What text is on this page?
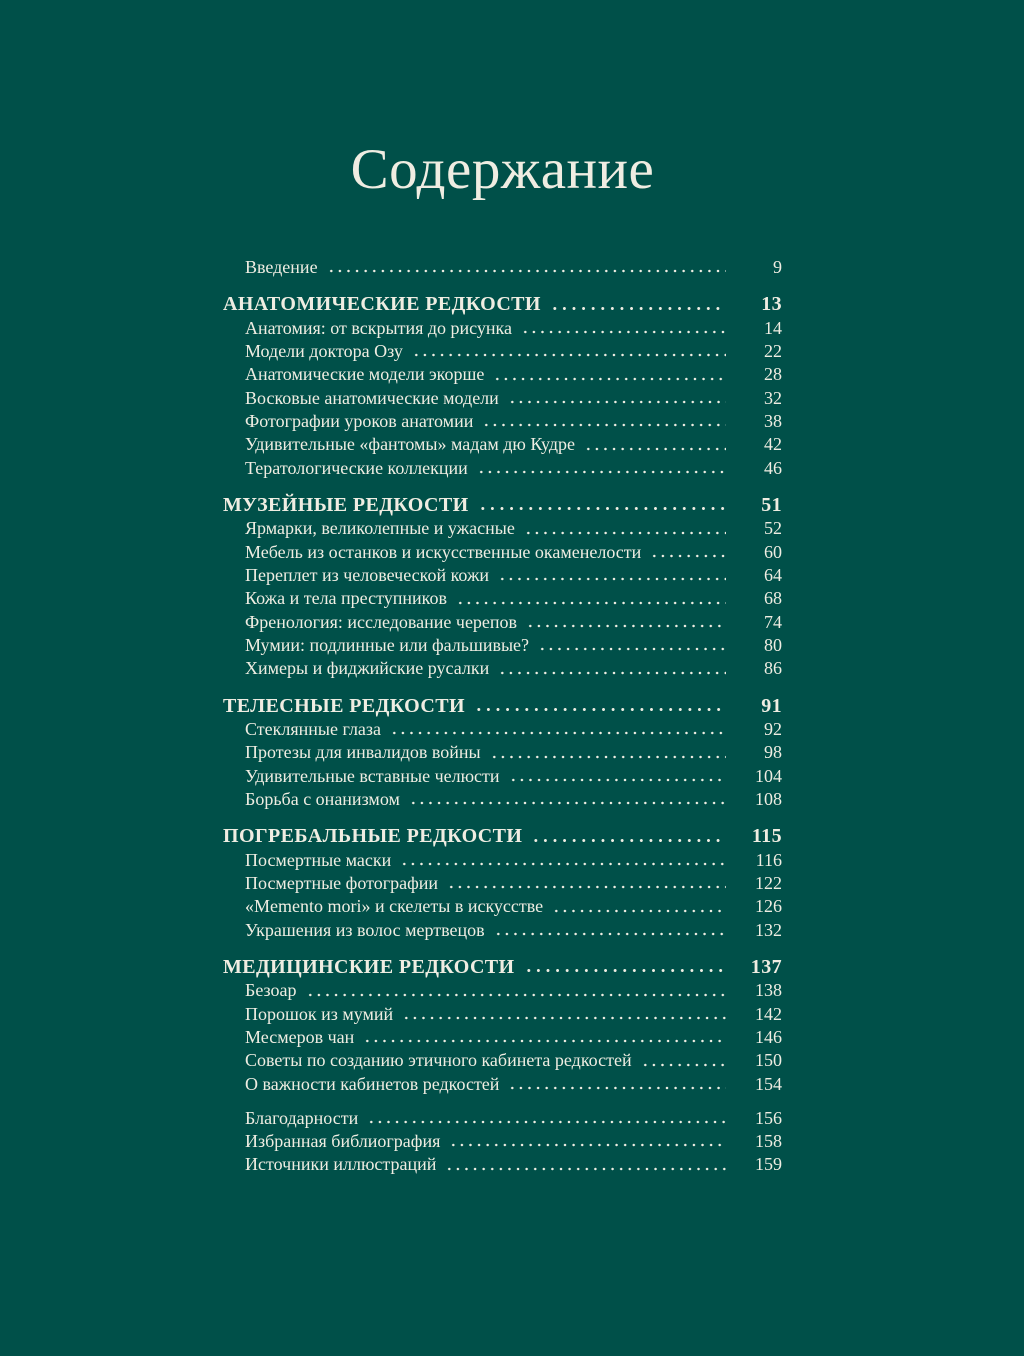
Содержание
Введение	9
АНАТОМИЧЕСКИЕ РЕДКОСТИ	13
Анатомия: от вскрытия до рисунка	14
Модели доктора Озу	22
Анатомические модели экорше	28
Восковые анатомические модели	32
Фотографии уроков анатомии	38
Удивительные «фантомы» мадам дю Кудре	42
Тератологические коллекции	46
МУЗЕЙНЫЕ РЕДКОСТИ	51
Ярмарки, великолепные и ужасные	52
Мебель из останков и искусственные окаменелости	60
Переплет из человеческой кожи	64
Кожа и тела преступников	68
Френология: исследование черепов	74
Мумии: подлинные или фальшивые?	80
Химеры и фиджийские русалки	86
ТЕЛЕСНЫЕ РЕДКОСТИ	91
Стеклянные глаза	92
Протезы для инвалидов войны	98
Удивительные вставные челюсти	104
Борьба с онанизмом	108
ПОГРЕБАЛЬНЫЕ РЕДКОСТИ	115
Посмертные маски	116
Посмертные фотографии	122
«Memento mori» и скелеты в искусстве	126
Украшения из волос мертвецов	132
МЕДИЦИНСКИЕ РЕДКОСТИ	137
Безоар	138
Порошок из мумий	142
Месмеров чан	146
Советы по созданию этичного кабинета редкостей	150
О важности кабинетов редкостей	154
Благодарности	156
Избранная библиография	158
Источники иллюстраций	159
